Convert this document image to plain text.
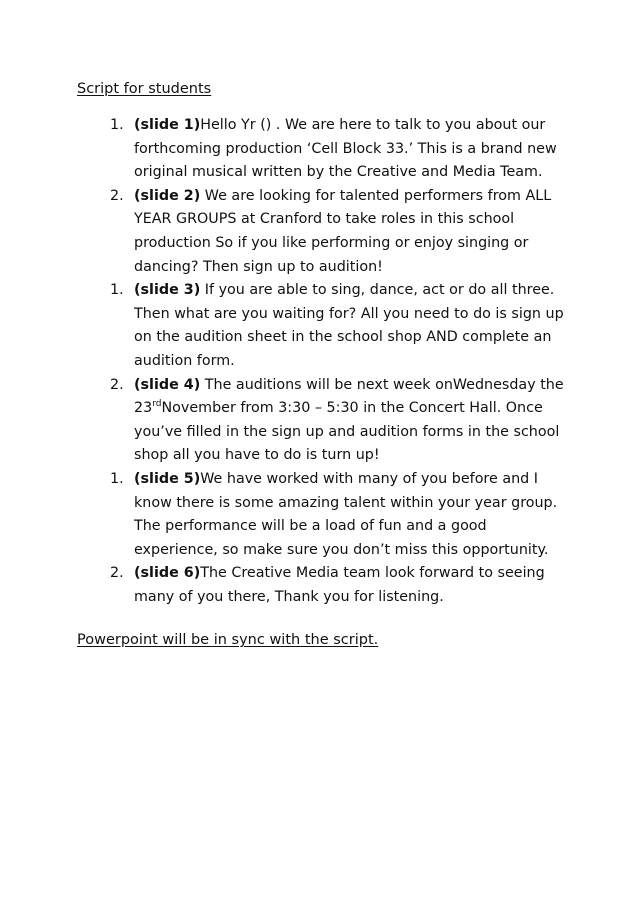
Script for students
1. (slide 1)Hello Yr () . We are here to talk to you about our
forthcoming production ‘Cell Block 33.’ This is a brand new
original musical written by the Creative and Media Team.
2. (slide 2) We are looking for talented performers from ALL
YEAR GROUPS at Cranford to take roles in this school
production So if you like performing or enjoy singing or
dancing? Then sign up to audition!
1. (slide 3) If you are able to sing, dance, act or do all three.
Then what are you waiting for? All you need to do is sign up
on the audition sheet in the school shop AND complete an
audition form.
2. (slide 4) The auditions will be next week onWednesday the
23rdNovember from 3:30 – 5:30 in the Concert Hall. Once
you’ve filled in the sign up and audition forms in the school
shop all you have to do is turn up!
1. (slide 5)We have worked with many of you before and I
know there is some amazing talent within your year group.
The performance will be a load of fun and a good
experience, so make sure you don’t miss this opportunity.
2. (slide 6)The Creative Media team look forward to seeing
many of you there, Thank you for listening.
Powerpoint will be in sync with the script.
